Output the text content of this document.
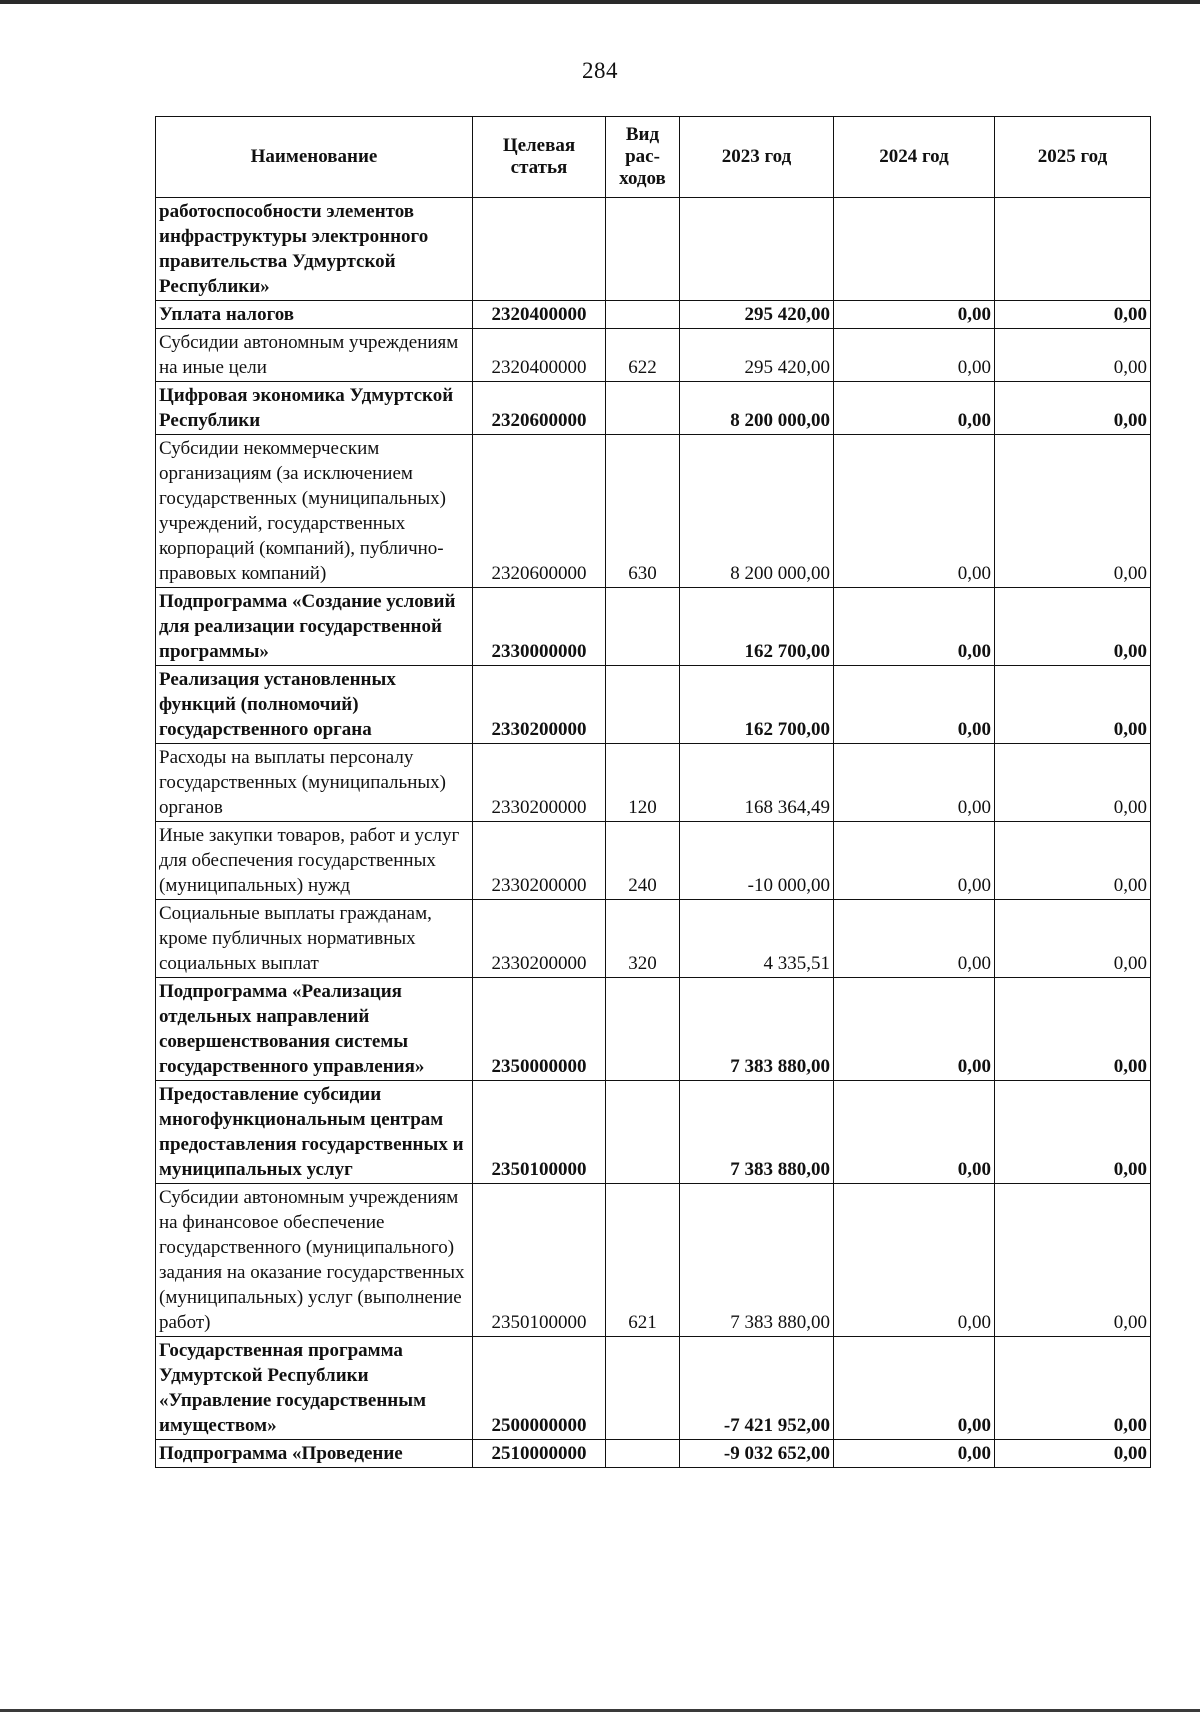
284
Наименование	Целевая статья	Вид рас-ходов	2023 год	2024 год	2025 год
работоспособности элементов инфраструктуры электронного правительства Удмуртской Республики»					
Уплата налогов	2320400000		295 420,00	0,00	0,00
Субсидии автономным учреждениям на иные цели	2320400000	622	295 420,00	0,00	0,00
Цифровая экономика Удмуртской Республики	2320600000		8 200 000,00	0,00	0,00
Субсидии некоммерческим организациям (за исключением государственных (муниципальных) учреждений, государственных корпораций (компаний), публично-правовых компаний)	2320600000	630	8 200 000,00	0,00	0,00
Подпрограмма «Создание условий для реализации государственной программы»	2330000000		162 700,00	0,00	0,00
Реализация установленных функций (полномочий) государственного органа	2330200000		162 700,00	0,00	0,00
Расходы на выплаты персоналу государственных (муниципальных) органов	2330200000	120	168 364,49	0,00	0,00
Иные закупки товаров, работ и услуг для обеспечения государственных (муниципальных) нужд	2330200000	240	-10 000,00	0,00	0,00
Социальные выплаты гражданам, кроме публичных нормативных социальных выплат	2330200000	320	4 335,51	0,00	0,00
Подпрограмма «Реализация отдельных направлений совершенствования системы государственного управления»	2350000000		7 383 880,00	0,00	0,00
Предоставление субсидии многофункциональным центрам предоставления государственных и муниципальных услуг	2350100000		7 383 880,00	0,00	0,00
Субсидии автономным учреждениям на финансовое обеспечение государственного (муниципального) задания на оказание государственных (муниципальных) услуг (выполнение работ)	2350100000	621	7 383 880,00	0,00	0,00
Государственная программа Удмуртской Республики «Управление государственным имуществом»	2500000000		-7 421 952,00	0,00	0,00
Подпрограмма «Проведение	2510000000		-9 032 652,00	0,00	0,00
